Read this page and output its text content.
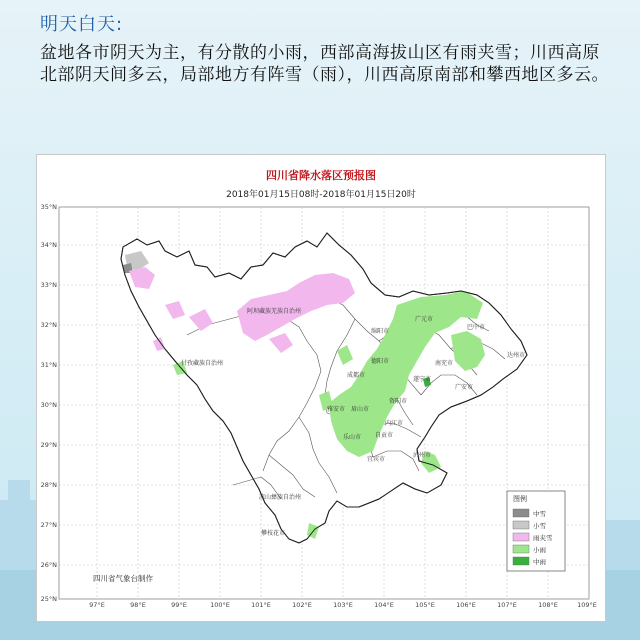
明天白天:
盆地各市阴天为主，有分散的小雨，西部高海拔山区有雨夹雪；川西高原北部阴天间多云，局部地方有阵雪（雨），川西高原南部和攀西地区多云。
四川省降水落区预报图
2018年01月15日08时-2018年01月15日20时
97°E	98°E	99°E	100°E	101°E	102°E	103°E	104°E	105°E	106°E	107°E	108°E	109°E
35°N
34°N
33°N
32°N
31°N
30°N
29°N
28°N
27°N
26°N
25°N
阿坝藏族羌族自治州
甘孜藏族自治州
凉山彝族自治州
攀枝花市
广元市
巴中市
绵阳市
达州市
德阳市	南充市
成都市
遂宁市
广安市
雅安市 眉山市
资阳市
内江市
乐山市 自贡市
宜宾市
泸州市
四川省气象台制作
图例
中雪
小雪
雨夹雪
小雨
中雨
